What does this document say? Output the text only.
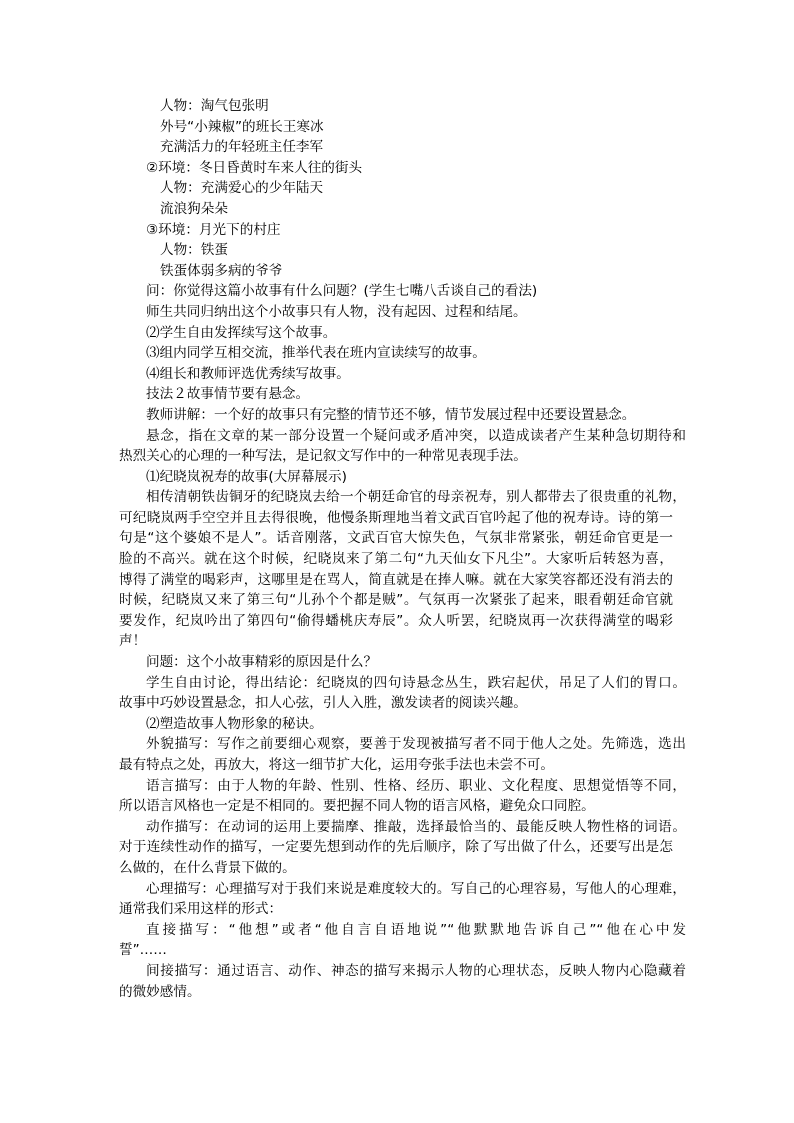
人物：淘气包张明
外号“小辣椒”的班长王寒冰
充满活力的年轻班主任李军
②环境：冬日昏黄时车来人往的街头
人物：充满爱心的少年陆天
流浪狗朵朵
③环境：月光下的村庄
人物：铁蛋
铁蛋体弱多病的爷爷
问：你觉得这篇小故事有什么问题？(学生七嘴八舌谈自己的看法)
师生共同归纳出这个小故事只有人物，没有起因、过程和结尾。
⑵学生自由发挥续写这个故事。
⑶组内同学互相交流，推举代表在班内宣读续写的故事。
⑷组长和教师评选优秀续写故事。
技法２故事情节要有悬念。
教师讲解：一个好的故事只有完整的情节还不够，情节发展过程中还要设置悬念。
悬念，指在文章的某一部分设置一个疑问或矛盾冲突，以造成读者产生某种急切期待和
热烈关心的心理的一种写法，是记叙文写作中的一种常见表现手法。
⑴纪晓岚祝寿的故事(大屏幕展示)
相传清朝铁齿铜牙的纪晓岚去给一个朝廷命官的母亲祝寿，别人都带去了很贵重的礼物，
可纪晓岚两手空空并且去得很晚，他慢条斯理地当着文武百官吟起了他的祝寿诗。诗的第一
句是“这个婆娘不是人”。话音刚落，文武百官大惊失色，气氛非常紧张，朝廷命官更是一
脸的不高兴。就在这个时候，纪晓岚来了第二句“九天仙女下凡尘”。大家听后转怒为喜，
博得了满堂的喝彩声，这哪里是在骂人，简直就是在捧人嘛。就在大家笑容都还没有消去的
时候，纪晓岚又来了第三句“儿孙个个都是贼”。气氛再一次紧张了起来，眼看朝廷命官就
要发作，纪岚吟出了第四句“偷得蟠桃庆寿辰”。众人听罢，纪晓岚再一次获得满堂的喝彩
声！
问题：这个小故事精彩的原因是什么？
学生自由讨论，得出结论：纪晓岚的四句诗悬念丛生，跌宕起伏，吊足了人们的胃口。
故事中巧妙设置悬念，扣人心弦，引人入胜，激发读者的阅读兴趣。
⑵塑造故事人物形象的秘诀。
外貌描写：写作之前要细心观察，要善于发现被描写者不同于他人之处。先筛选，选出
最有特点之处，再放大，将这一细节扩大化，运用夸张手法也未尝不可。
语言描写：由于人物的年龄、性别、性格、经历、职业、文化程度、思想觉悟等不同，
所以语言风格也一定是不相同的。要把握不同人物的语言风格，避免众口同腔。
动作描写：在动词的运用上要揣摩、推敲，选择最恰当的、最能反映人物性格的词语。
对于连续性动作的描写，一定要先想到动作的先后顺序，除了写出做了什么，还要写出是怎
么做的，在什么背景下做的。
心理描写：心理描写对于我们来说是难度较大的。写自己的心理容易，写他人的心理难，
通常我们采用这样的形式：
直接描写：“他想”或者“他自言自语地说”“他默默地告诉自己”“他在心中发
誓”……
间接描写：通过语言、动作、神态的描写来揭示人物的心理状态，反映人物内心隐藏着
的微妙感情。
